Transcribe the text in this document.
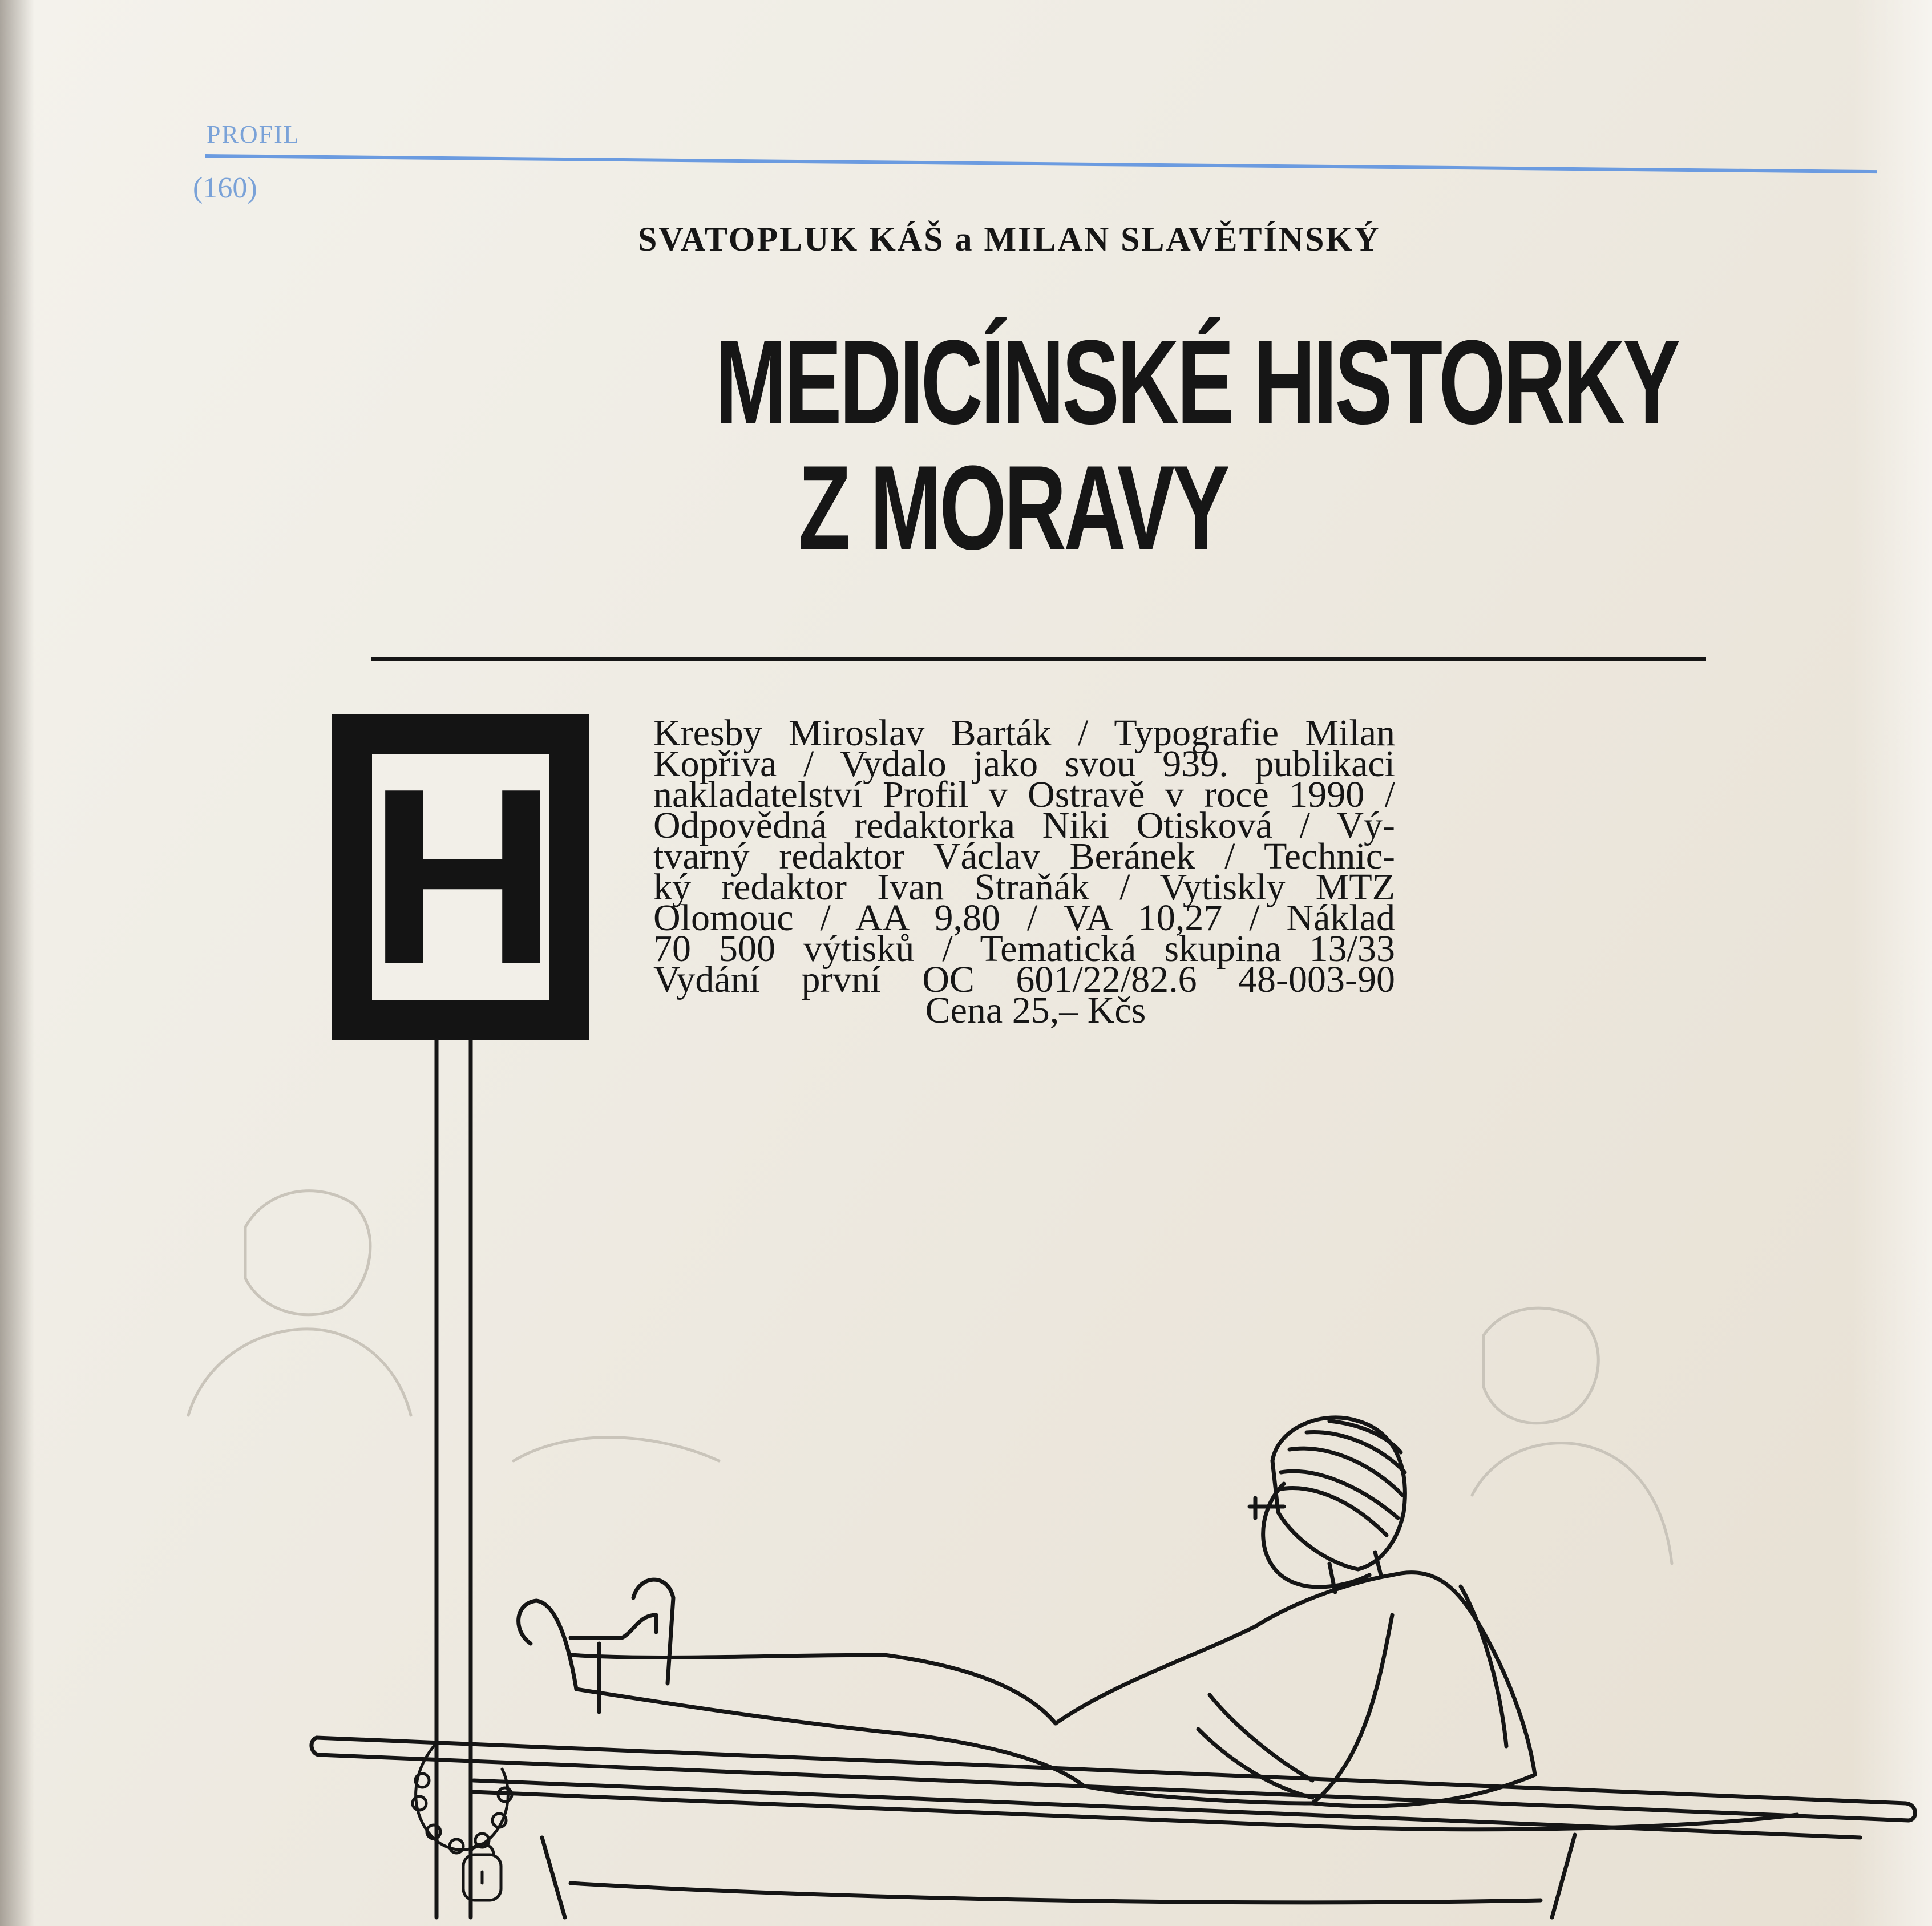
PROFIL
(160)
SVATOPLUK KÁŠ a MILAN SLAVĚTÍNSKÝ
MEDICÍNSKÉ HISTORKY
Z MORAVY
H
Kresby Miroslav Barták / Typografie Milan
Kopřiva / Vydalo jako svou 939. publikaci
nakladatelství Profil v Ostravě v roce 1990 /
Odpovědná redaktorka Niki Otisková / Vý-
tvarný redaktor Václav Beránek / Technic-
ký redaktor Ivan Straňák / Vytiskly MTZ
Olomouc / AA 9,80 / VA 10,27 / Náklad
70 500 výtisků / Tematická skupina 13/33
Vydání první OC 601/22/82.6 48-003-90
Cena 25,– Kčs
